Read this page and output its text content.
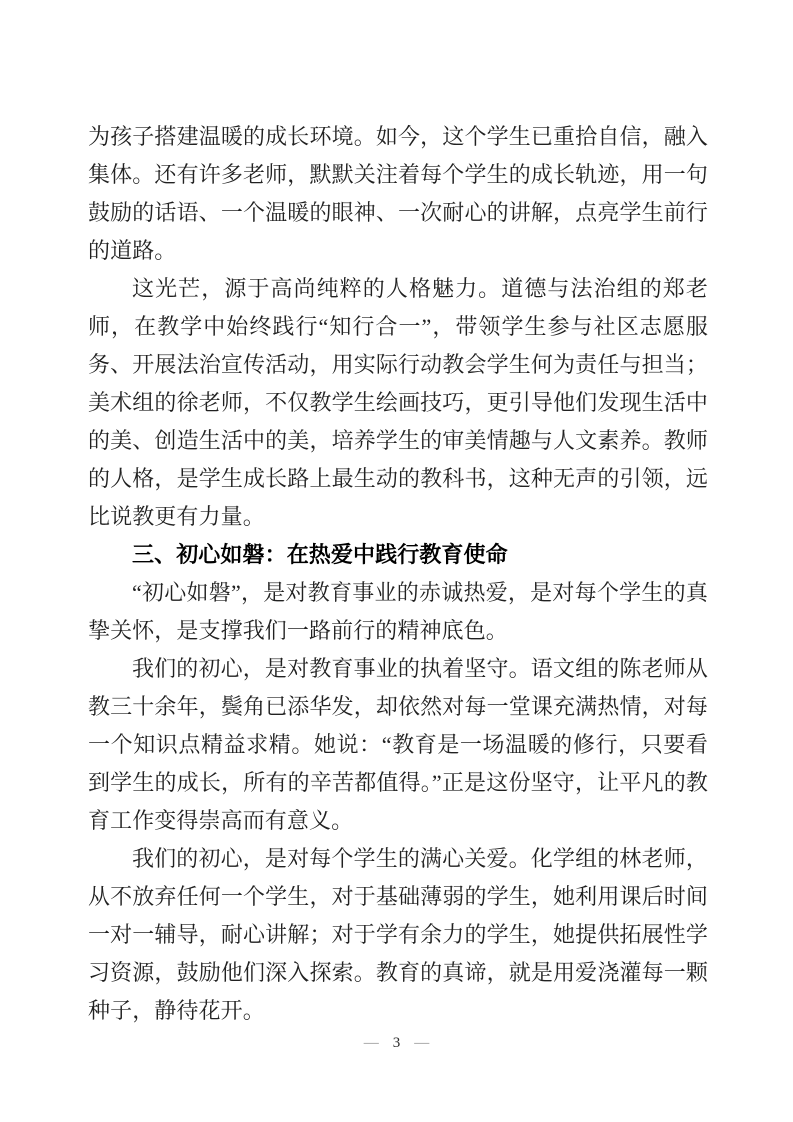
为孩子搭建温暖的成长环境。如今，这个学生已重拾自信，融入集体。还有许多老师，默默关注着每个学生的成长轨迹，用一句鼓励的话语、一个温暖的眼神、一次耐心的讲解，点亮学生前行的道路。

这光芒，源于高尚纯粹的人格魅力。道德与法治组的郑老师，在教学中始终践行“知行合一”，带领学生参与社区志愿服务、开展法治宣传活动，用实际行动教会学生何为责任与担当；美术组的徐老师，不仅教学生绘画技巧，更引导他们发现生活中的美、创造生活中的美，培养学生的审美情趣与人文素养。教师的人格，是学生成长路上最生动的教科书，这种无声的引领，远比说教更有力量。

三、初心如磐：在热爱中践行教育使命

“初心如磐”，是对教育事业的赤诚热爱，是对每个学生的真挚关怀，是支撑我们一路前行的精神底色。

我们的初心，是对教育事业的执着坚守。语文组的陈老师从教三十余年，鬓角已添华发，却依然对每一堂课充满热情，对每一个知识点精益求精。她说：“教育是一场温暖的修行，只要看到学生的成长，所有的辛苦都值得。”正是这份坚守，让平凡的教育工作变得崇高而有意义。

我们的初心，是对每个学生的满心关爱。化学组的林老师，从不放弃任何一个学生，对于基础薄弱的学生，她利用课后时间一对一辅导，耐心讲解；对于学有余力的学生，她提供拓展性学习资源，鼓励他们深入探索。教育的真谛，就是用爱浇灌每一颗种子，静待花开。

— 3 —
